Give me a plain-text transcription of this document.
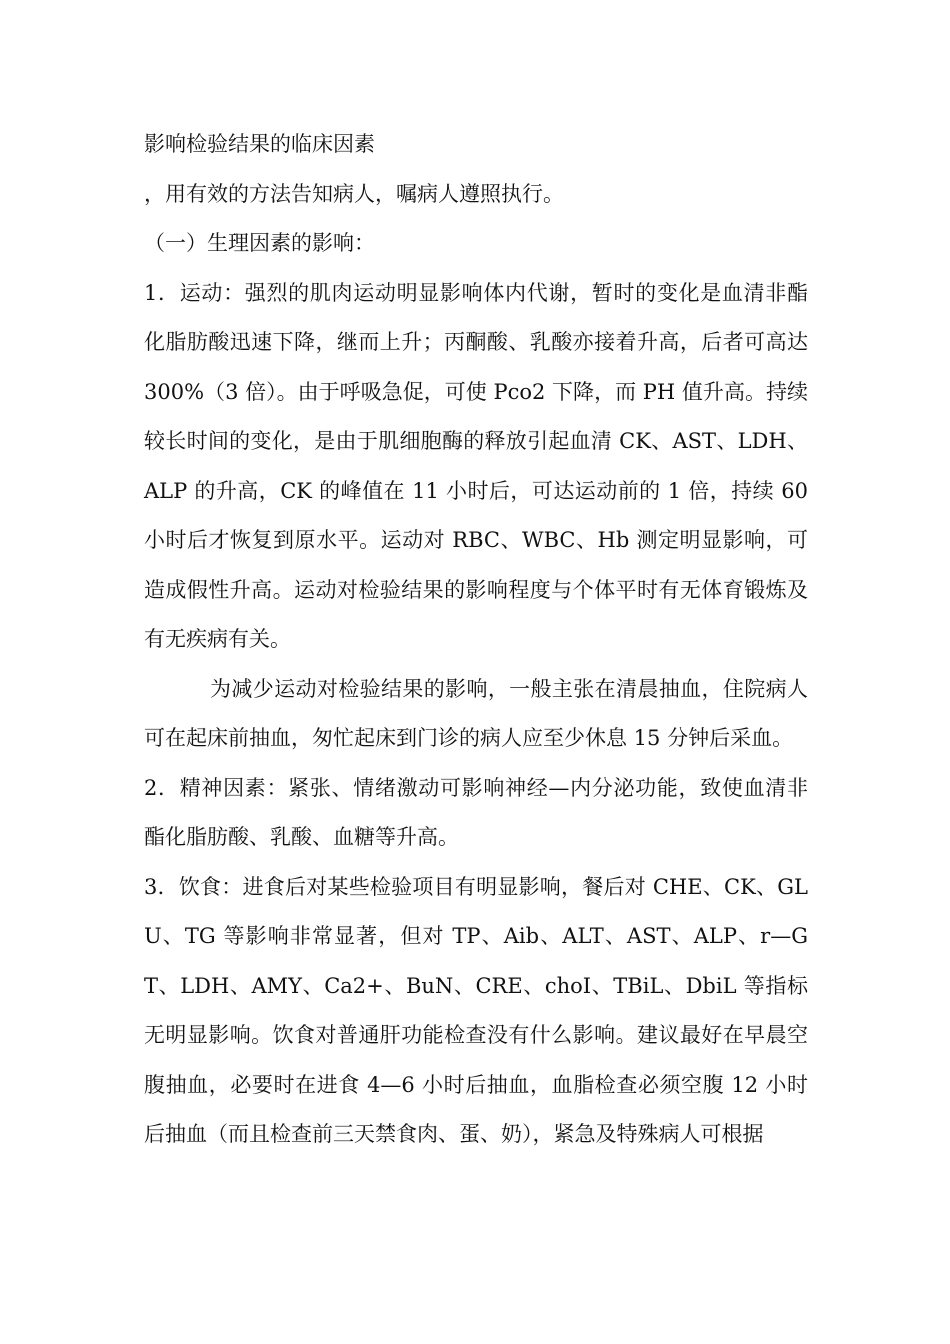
影响检验结果的临床因素

，用有效的方法告知病人，嘱病人遵照执行。

（一）生理因素的影响：

1．运动：强烈的肌肉运动明显影响体内代谢，暂时的变化是血清非酯化脂肪酸迅速下降，继而上升；丙酮酸、乳酸亦接着升高，后者可高达 300%（3 倍）。由于呼吸急促，可使 Pco2 下降，而 PH 值升高。持续较长时间的变化，是由于肌细胞酶的释放引起血清 CK、AST、LDH、ALP 的升高，CK 的峰值在 11 小时后，可达运动前的 1 倍，持续 60 小时后才恢复到原水平。运动对 RBC、WBC、Hb 测定明显影响，可造成假性升高。运动对检验结果的影响程度与个体平时有无体育锻炼及有无疾病有关。

为减少运动对检验结果的影响，一般主张在清晨抽血，住院病人可在起床前抽血，匆忙起床到门诊的病人应至少休息 15 分钟后采血。

2．精神因素：紧张、情绪激动可影响神经—内分泌功能，致使血清非酯化脂肪酸、乳酸、血糖等升高。

3．饮食：进食后对某些检验项目有明显影响，餐后对 CHE、CK、GLU、TG 等影响非常显著，但对 TP、Aib、ALT、AST、ALP、r—GT、LDH、AMY、Ca2+、BuN、CRE、choI、TBiL、DbiL 等指标无明显影响。饮食对普通肝功能检查没有什么影响。建议最好在早晨空腹抽血，必要时在进食 4—6 小时后抽血，血脂检查必须空腹 12 小时后抽血（而且检查前三天禁食肉、蛋、奶），紧急及特殊病人可根据
